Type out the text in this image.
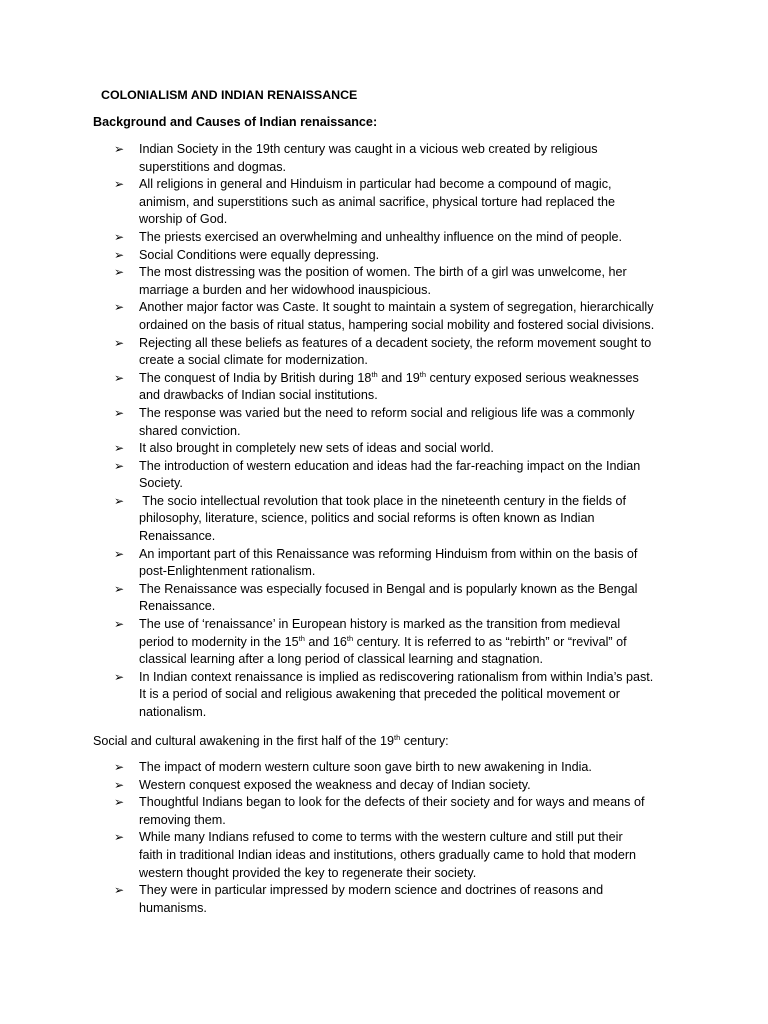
COLONIALISM AND INDIAN RENAISSANCE
Background and Causes of Indian renaissance:
➢	Indian Society in the 19th century was caught in a vicious web created by religious
superstitions and dogmas.
➢	All religions in general and Hinduism in particular had become a compound of magic,
animism, and superstitions such as animal sacrifice, physical torture had replaced the
worship of God.
➢	The priests exercised an overwhelming and unhealthy influence on the mind of people.
➢	Social Conditions were equally depressing.
➢	The most distressing was the position of women. The birth of a girl was unwelcome, her
marriage a burden and her widowhood inauspicious.
➢	Another major factor was Caste. It sought to maintain a system of segregation, hierarchically
ordained on the basis of ritual status, hampering social mobility and fostered social divisions.
➢	Rejecting all these beliefs as features of a decadent society, the reform movement sought to
create a social climate for modernization.
➢	The conquest of India by British during 18th and 19th century exposed serious weaknesses
and drawbacks of Indian social institutions.
➢	The response was varied but the need to reform social and religious life was a commonly
shared conviction.
➢	It also brought in completely new sets of ideas and social world.
➢	The introduction of western education and ideas had the far-reaching impact on the Indian
Society.
➢	The socio intellectual revolution that took place in the nineteenth century in the fields of
philosophy, literature, science, politics and social reforms is often known as Indian
Renaissance.
➢	An important part of this Renaissance was reforming Hinduism from within on the basis of
post-Enlightenment rationalism.
➢	The Renaissance was especially focused in Bengal and is popularly known as the Bengal
Renaissance.
➢	The use of ‘renaissance’ in European history is marked as the transition from medieval
period to modernity in the 15th and 16th century. It is referred to as “rebirth” or “revival” of
classical learning after a long period of classical learning and stagnation.
➢	In Indian context renaissance is implied as rediscovering rationalism from within India’s past.
It is a period of social and religious awakening that preceded the political movement or
nationalism.
Social and cultural awakening in the first half of the 19th century:
➢	The impact of modern western culture soon gave birth to new awakening in India.
➢	Western conquest exposed the weakness and decay of Indian society.
➢	Thoughtful Indians began to look for the defects of their society and for ways and means of
removing them.
➢	While many Indians refused to come to terms with the western culture and still put their
faith in traditional Indian ideas and institutions, others gradually came to hold that modern
western thought provided the key to regenerate their society.
➢	They were in particular impressed by modern science and doctrines of reasons and
humanisms.
